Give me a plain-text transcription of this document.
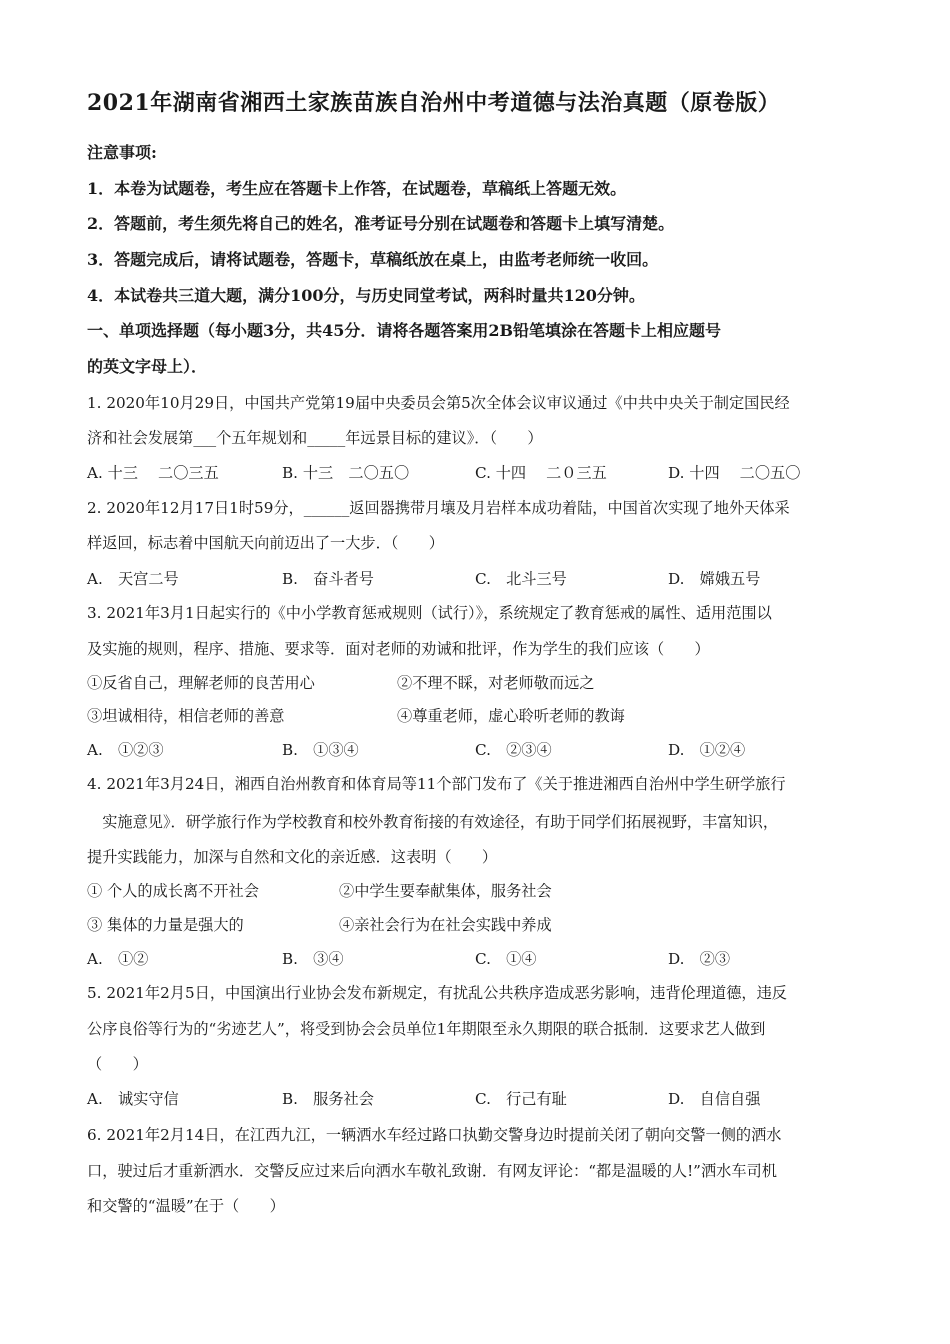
2021年湖南省湘西土家族苗族自治州中考道德与法治真题（原卷版）
注意事项:
1．本卷为试题卷，考生应在答题卡上作答，在试题卷，草稿纸上答题无效。
2．答题前，考生须先将自己的姓名，准考证号分别在试题卷和答题卡上填写清楚。
3．答题完成后，请将试题卷，答题卡，草稿纸放在桌上，由监考老师统一收回。
4．本试卷共三道大题，满分100分，与历史同堂考试，两科时量共120分钟。
一、单项选择题（每小题3分，共45分．请将各题答案用2B铅笔填涂在答题卡上相应题号
的英文字母上）．
1. 2020年10月29日，中国共产党第19届中央委员会第5次全体会议审议通过《中共中央关于制定国民经
济和社会发展第___个五年规划和_____年远景目标的建议》．（　　）
A. 十三　 二〇三五	B. 十三　二〇五〇	C. 十四　 二０三五	D. 十四　 二〇五〇
2. 2020年12月17日1时59分，______返回器携带月壤及月岩样本成功着陆，中国首次实现了地外天体采
样返回，标志着中国航天向前迈出了一大步．（　　）
A.　天宫二号	B.　奋斗者号	C.　北斗三号	D.　嫦娥五号
3. 2021年3月1日起实行的《中小学教育惩戒规则（试行）》，系统规定了教育惩戒的属性、适用范围以
及实施的规则，程序、措施、要求等．面对老师的劝诫和批评，作为学生的我们应该（　　）
①反省自己，理解老师的良苦用心	②不理不睬，对老师敬而远之
③坦诚相待，相信老师的善意	④尊重老师，虚心聆听老师的教诲
A.　①②③	B.　①③④	C.　②③④	D.　①②④
4. 2021年3月24日，湘西自治州教育和体育局等11个部门发布了《关于推进湘西自治州中学生研学旅行
　实施意见》．研学旅行作为学校教育和校外教育衔接的有效途径，有助于同学们拓展视野，丰富知识，
提升实践能力，加深与自然和文化的亲近感．这表明（　　）
① 个人的成长离不开社会	②中学生要奉献集体，服务社会
③ 集体的力量是强大的	④亲社会行为在社会实践中养成
A.　①②	B.　③④	C.　①④	D.　②③
5. 2021年2月5日，中国演出行业协会发布新规定，有扰乱公共秩序造成恶劣影响，违背伦理道德，违反
公序良俗等行为的“劣迹艺人”，将受到协会会员单位1年期限至永久期限的联合抵制．这要求艺人做到
（　　）
A.　诚实守信	B.　服务社会	C.　行己有耻	D.　自信自强
6. 2021年2月14日，在江西九江，一辆洒水车经过路口执勤交警身边时提前关闭了朝向交警一侧的洒水
口，驶过后才重新洒水．交警反应过来后向洒水车敬礼致谢．有网友评论：“都是温暖的人!”洒水车司机
和交警的“温暖”在于（　　）
